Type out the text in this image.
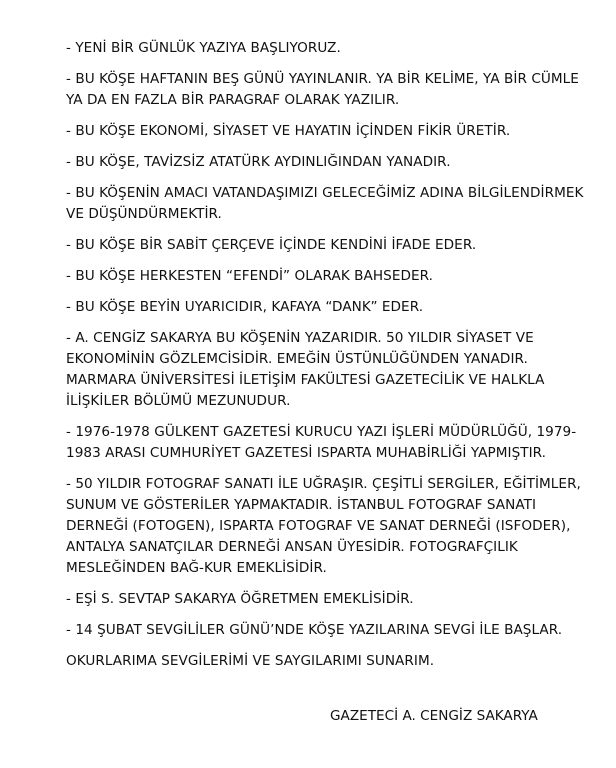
- YENİ BİR GÜNLÜK YAZIYA BAŞLIYORUZ.

- BU KÖŞE HAFTANIN BEŞ GÜNÜ YAYINLANIR. YA BİR KELİME, YA BİR CÜMLE YA DA EN FAZLA BİR PARAGRAF OLARAK YAZILIR.

- BU KÖŞE EKONOMİ, SİYASET VE HAYATIN İÇİNDEN FİKİR ÜRETİR.

- BU KÖŞE, TAVİZSİZ ATATÜRK AYDINLIĞINDAN YANADIR.

- BU KÖŞENİN AMACI VATANDAŞIMIZI GELECEĞİMİZ ADINA BİLGİLENDİRMEK VE DÜŞÜNDÜRMEKTİR.

- BU KÖŞE BİR SABİT ÇERÇEVE İÇİNDE KENDİNİ İFADE EDER.

- BU KÖŞE HERKESTEN “EFENDİ” OLARAK BAHSEDER.

- BU KÖŞE BEYİN UYARICIDIR, KAFAYA “DANK” EDER.

- A. CENGİZ SAKARYA BU KÖŞENİN YAZARIDIR. 50 YILDIR SİYASET VE EKONOMİNİN GÖZLEMCİSİDİR. EMEĞİN ÜSTÜNLÜĞÜNDEN YANADIR. MARMARA ÜNİVERSİTESİ İLETİŞİM FAKÜLTESİ GAZETECİLİK VE HALKLA İLİŞKİLER BÖLÜMÜ MEZUNUDUR.

- 1976-1978 GÜLKENT GAZETESİ KURUCU YAZI İŞLERİ MÜDÜRLÜĞÜ, 1979-1983 ARASI CUMHURİYET GAZETESİ ISPARTA MUHABİRLİĞİ YAPMIŞTIR.

- 50 YILDIR FOTOGRAF SANATI İLE UĞRAŞIR. ÇEŞİTLİ SERGİLER, EĞİTİMLER, SUNUM VE GÖSTERİLER YAPMAKTADIR. İSTANBUL FOTOGRAF SANATI DERNEĞİ (FOTOGEN), ISPARTA FOTOGRAF VE SANAT DERNEĞİ (ISFODER), ANTALYA SANATÇILAR DERNEĞİ ANSAN ÜYESİDİR. FOTOGRAFÇILIK MESLEĞİNDEN BAĞ-KUR EMEKLİSİDİR.

- EŞİ S. SEVTAP SAKARYA ÖĞRETMEN EMEKLİSİDİR.

- 14 ŞUBAT SEVGİLİLER GÜNÜ’NDE KÖŞE YAZILARINA SEVGİ İLE BAŞLAR.

OKURLARIMA SEVGİLERİMİ VE SAYGILARIMI SUNARIM.

GAZETECİ A. CENGİZ SAKARYA
